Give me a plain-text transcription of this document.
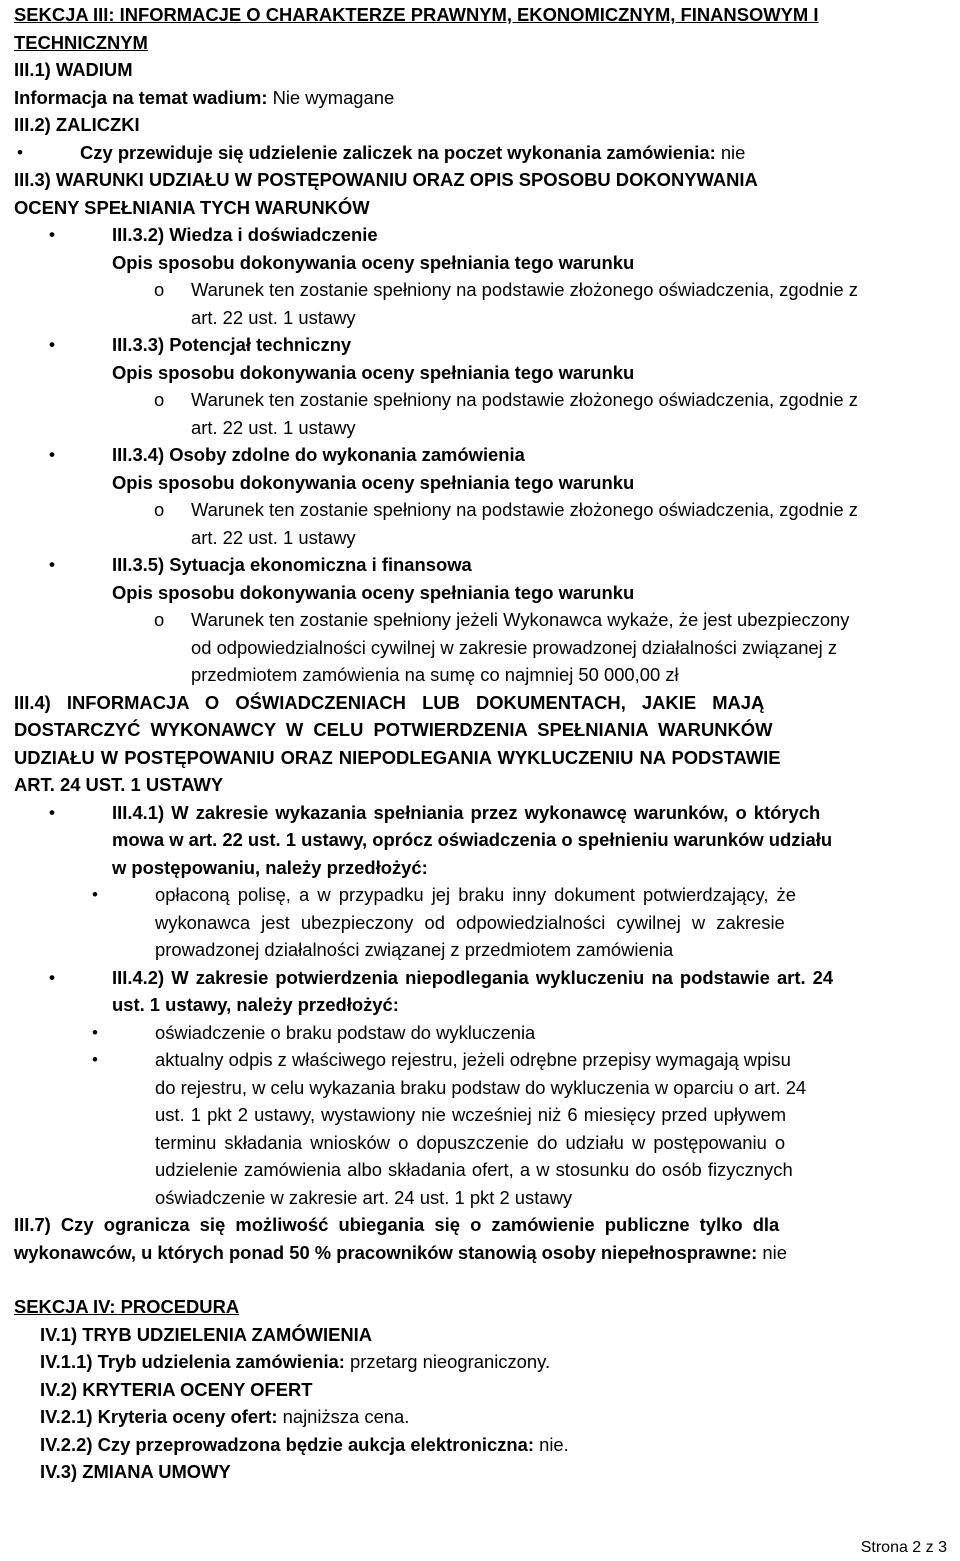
SEKCJA III: INFORMACJE O CHARAKTERZE PRAWNYM, EKONOMICZNYM, FINANSOWYM I
TECHNICZNYM

III.1) WADIUM

Informacja na temat wadium: Nie wymagane

III.2) ZALICZKI

• Czy przewiduje się udzielenie zaliczek na poczet wykonania zamówienia: nie

III.3) WARUNKI UDZIAŁU W POSTĘPOWANIU ORAZ OPIS SPOSOBU DOKONYWANIA
OCENY SPEŁNIANIA TYCH WARUNKÓW

• III.3.2) Wiedza i doświadczenie

Opis sposobu dokonywania oceny spełniania tego warunku

o Warunek ten zostanie spełniony na podstawie złożonego oświadczenia, zgodnie z
art. 22 ust. 1 ustawy

• III.3.3) Potencjał techniczny

Opis sposobu dokonywania oceny spełniania tego warunku

o Warunek ten zostanie spełniony na podstawie złożonego oświadczenia, zgodnie z
art. 22 ust. 1 ustawy

• III.3.4) Osoby zdolne do wykonania zamówienia

Opis sposobu dokonywania oceny spełniania tego warunku

o Warunek ten zostanie spełniony na podstawie złożonego oświadczenia, zgodnie z
art. 22 ust. 1 ustawy

• III.3.5) Sytuacja ekonomiczna i finansowa

Opis sposobu dokonywania oceny spełniania tego warunku

o Warunek ten zostanie spełniony jeżeli Wykonawca wykaże, że jest ubezpieczony
od odpowiedzialności cywilnej w zakresie prowadzonej działalności związanej z
przedmiotem zamówienia na sumę co najmniej 50 000,00 zł

III.4) INFORMACJA O OŚWIADCZENIACH LUB DOKUMENTACH, JAKIE MAJĄ
DOSTARCZYĆ WYKONAWCY W CELU POTWIERDZENIA SPEŁNIANIA WARUNKÓW
UDZIAŁU W POSTĘPOWANIU ORAZ NIEPODLEGANIA WYKLUCZENIU NA PODSTAWIE
ART. 24 UST. 1 USTAWY

• III.4.1) W zakresie wykazania spełniania przez wykonawcę warunków, o których
mowa w art. 22 ust. 1 ustawy, oprócz oświadczenia o spełnieniu warunków udziału
w postępowaniu, należy przedłożyć:

• opłaconą polisę, a w przypadku jej braku inny dokument potwierdzający, że
wykonawca jest ubezpieczony od odpowiedzialności cywilnej w zakresie
prowadzonej działalności związanej z przedmiotem zamówienia

• III.4.2) W zakresie potwierdzenia niepodlegania wykluczeniu na podstawie art. 24
ust. 1 ustawy, należy przedłożyć:

• oświadczenie o braku podstaw do wykluczenia

• aktualny odpis z właściwego rejestru, jeżeli odrębne przepisy wymagają wpisu
do rejestru, w celu wykazania braku podstaw do wykluczenia w oparciu o art. 24
ust. 1 pkt 2 ustawy, wystawiony nie wcześniej niż 6 miesięcy przed upływem
terminu składania wniosków o dopuszczenie do udziału w postępowaniu o
udzielenie zamówienia albo składania ofert, a w stosunku do osób fizycznych
oświadczenie w zakresie art. 24 ust. 1 pkt 2 ustawy

III.7) Czy ogranicza się możliwość ubiegania się o zamówienie publiczne tylko dla
wykonawców, u których ponad 50 % pracowników stanowią osoby niepełnosprawne: nie

SEKCJA IV: PROCEDURA

IV.1) TRYB UDZIELENIA ZAMÓWIENIA

IV.1.1) Tryb udzielenia zamówienia: przetarg nieograniczony.

IV.2) KRYTERIA OCENY OFERT

IV.2.1) Kryteria oceny ofert: najniższa cena.

IV.2.2) Czy przeprowadzona będzie aukcja elektroniczna: nie.

IV.3) ZMIANA UMOWY

Strona 2 z 3
